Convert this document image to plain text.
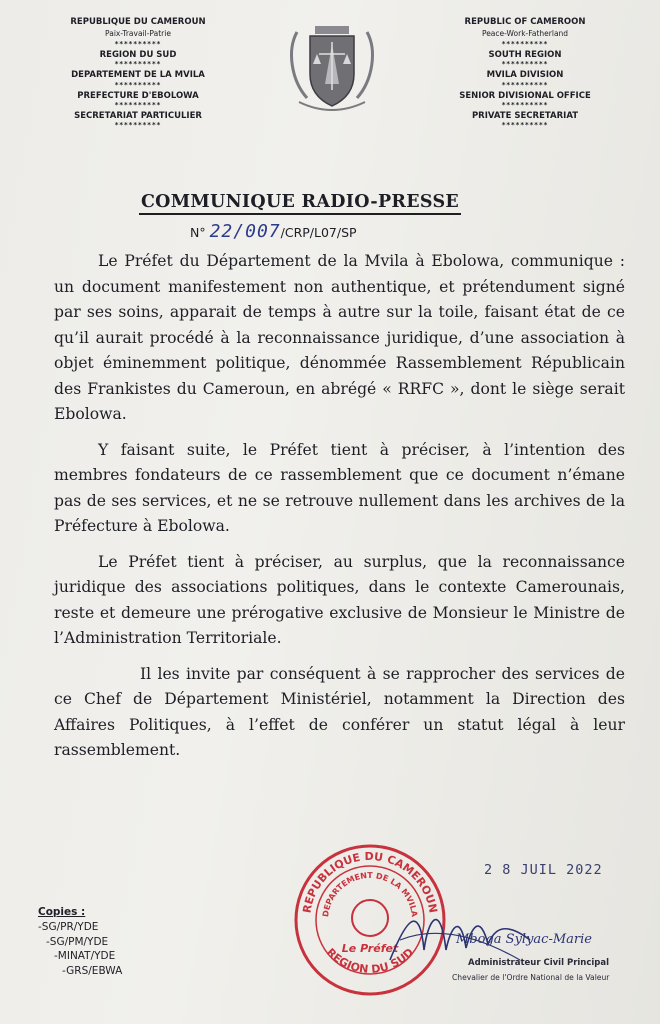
REPUBLIQUE DU CAMEROUN
Paix-Travail-Patrie
**********
REGION DU SUD
**********
DEPARTEMENT DE LA MVILA
**********
PREFECTURE D'EBOLOWA
**********
SECRETARIAT PARTICULIER
**********
REPUBLIC OF CAMEROON
Peace-Work-Fatherland
**********
SOUTH REGION
**********
MVILA DIVISION
**********
SENIOR DIVISIONAL OFFICE
**********
PRIVATE SECRETARIAT
**********
COMMUNIQUE RADIO-PRESSE
N° 22/007/CRP/L07/SP

Le Préfet du Département de la Mvila à Ebolowa, communique : un document manifestement non authentique, et prétendument signé par ses soins, apparait de temps à autre sur la toile, faisant état de ce qu’il aurait procédé à la reconnaissance juridique, d’une association à objet éminemment politique, dénommée Rassemblement Républicain des Frankistes du Cameroun, en abrégé « RRFC », dont le siège serait Ebolowa.

Y faisant suite, le Préfet tient à préciser, à l’intention des membres fondateurs de ce rassemblement que ce document n’émane pas de ses services, et ne se retrouve nullement dans les archives de la Préfecture à Ebolowa.

Le Préfet tient à préciser, au surplus, que la reconnaissance juridique des associations politiques, dans le contexte Camerounais, reste et demeure une prérogative exclusive de Monsieur le Ministre de l’Administration Territoriale.

Il les invite par conséquent à se rapprocher des services de ce Chef de Département Ministériel, notamment la Direction des Affaires Politiques, à l’effet de conférer un statut légal à leur rassemblement.

2 8 JUIL 2022
Copies :
-SG/PR/YDE
-SG/PM/YDE
-MINAT/YDE
-GRS/EBWA
REPUBLIQUE DU CAMEROUN
DEPARTEMENT DE LA MVILA
REGION DU SUD
Le Préfet
Mboga Sylyac-Marie
Administrateur Civil Principal
Chevalier de l'Ordre National de la Valeur
